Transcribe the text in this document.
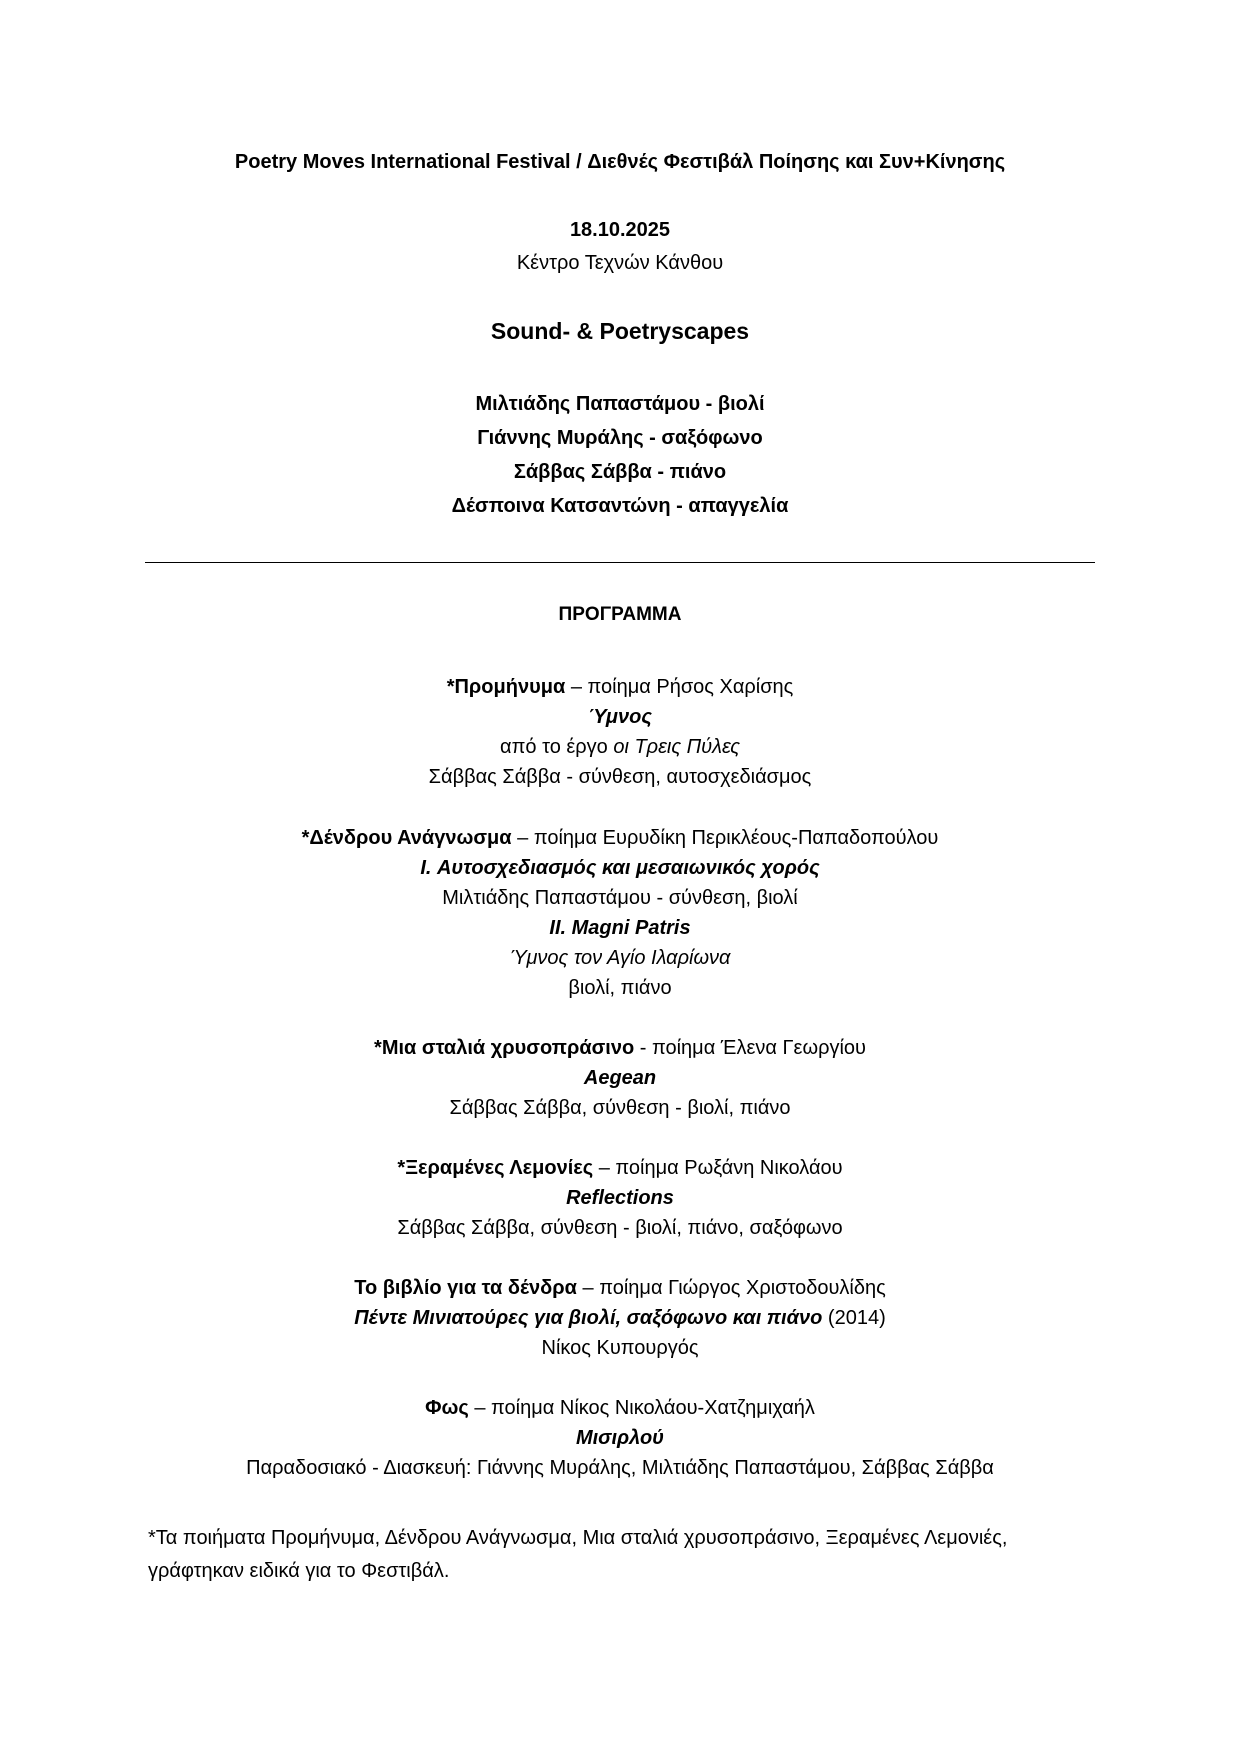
Poetry Moves International Festival / Διεθνές Φεστιβάλ Ποίησης και Συν+Κίνησης
18.10.2025
Κέντρο Τεχνών Κάνθου
Sound- & Poetryscapes
Μιλτιάδης Παπαστάμου - βιολί
Γιάννης Μυράλης - σαξόφωνο
Σάββας Σάββα - πιάνο
Δέσποινα Κατσαντώνη - απαγγελία
ΠΡΟΓΡΑΜΜΑ
*Προμήνυμα – ποίημα Ρήσος Χαρίσης
Ύμνος
από το έργο οι Τρεις Πύλες
Σάββας Σάββα - σύνθεση, αυτοσχεδιάσμος
*Δένδρου Ανάγνωσμα – ποίημα Ευρυδίκη Περικλέους-Παπαδοπούλου
I. Αυτοσχεδιασμός και μεσαιωνικός χορός
Μιλτιάδης Παπαστάμου - σύνθεση, βιολί
II. Magni Patris
Ύμνος τον Αγίο Ιλαρίωνα
βιολί, πιάνο
*Μια σταλιά χρυσοπράσινο - ποίημα Έλενα Γεωργίου
Aegean
Σάββας Σάββα, σύνθεση - βιολί, πιάνο
*Ξεραμένες Λεμονίες – ποίημα Ρωξάνη Νικολάου
Reflections
Σάββας Σάββα, σύνθεση - βιολί, πιάνο, σαξόφωνο
Το βιβλίο για τα δένδρα – ποίημα Γιώργος Χριστοδουλίδης
Πέντε Μινιατούρες για βιολί, σαξόφωνο και πιάνο (2014)
Νίκος Κυπουργός
Φως – ποίημα Νίκος Νικολάου-Χατζημιχαήλ
Μισιρλού
Παραδοσιακό - Διασκευή: Γιάννης Μυράλης, Μιλτιάδης Παπαστάμου, Σάββας Σάββα
*Τα ποιήματα Προμήνυμα, Δένδρου Ανάγνωσμα, Μια σταλιά χρυσοπράσινο, Ξεραμένες Λεμονιές,
γράφτηκαν ειδικά για το Φεστιβάλ.
